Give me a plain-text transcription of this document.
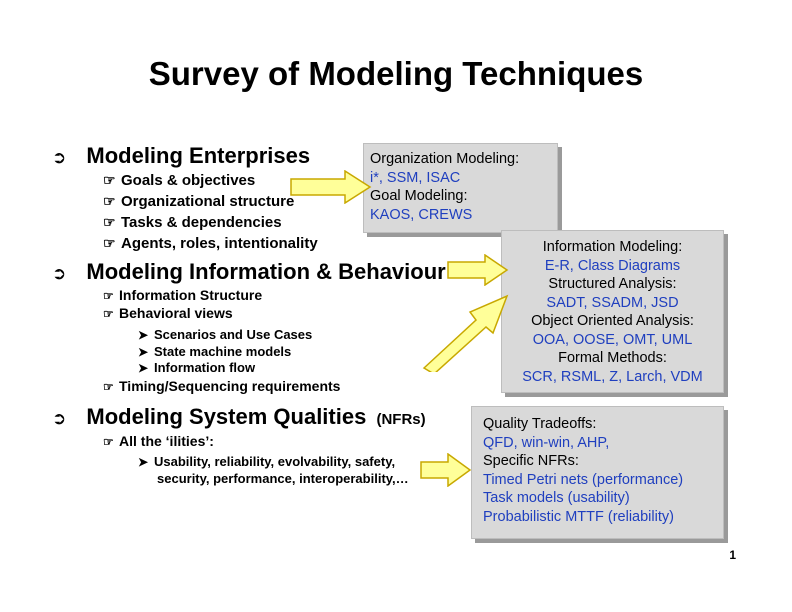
Survey of Modeling Techniques
➲ Modeling Enterprises
☞ Goals & objectives
☞ Organizational structure
☞ Tasks & dependencies
☞ Agents, roles, intentionality
➲ Modeling Information & Behaviour
☞ Information Structure
☞ Behavioral views
➤ Scenarios and Use Cases
➤ State machine models
➤ Information flow
☞ Timing/Sequencing requirements
➲ Modeling System Qualities (NFRs)
☞ All the ‘ilities’:
➤ Usability, reliability, evolvability, safety,
security, performance, interoperability,…
Organization Modeling:
i*, SSM, ISAC
Goal Modeling:
KAOS, CREWS
Information Modeling:
E-R, Class Diagrams
Structured Analysis:
SADT, SSADM, JSD
Object Oriented Analysis:
OOA, OOSE, OMT, UML
Formal Methods:
SCR, RSML, Z, Larch, VDM
Quality Tradeoffs:
QFD, win-win, AHP,
Specific NFRs:
Timed Petri nets (performance)
Task models (usability)
Probabilistic MTTF (reliability)
1
